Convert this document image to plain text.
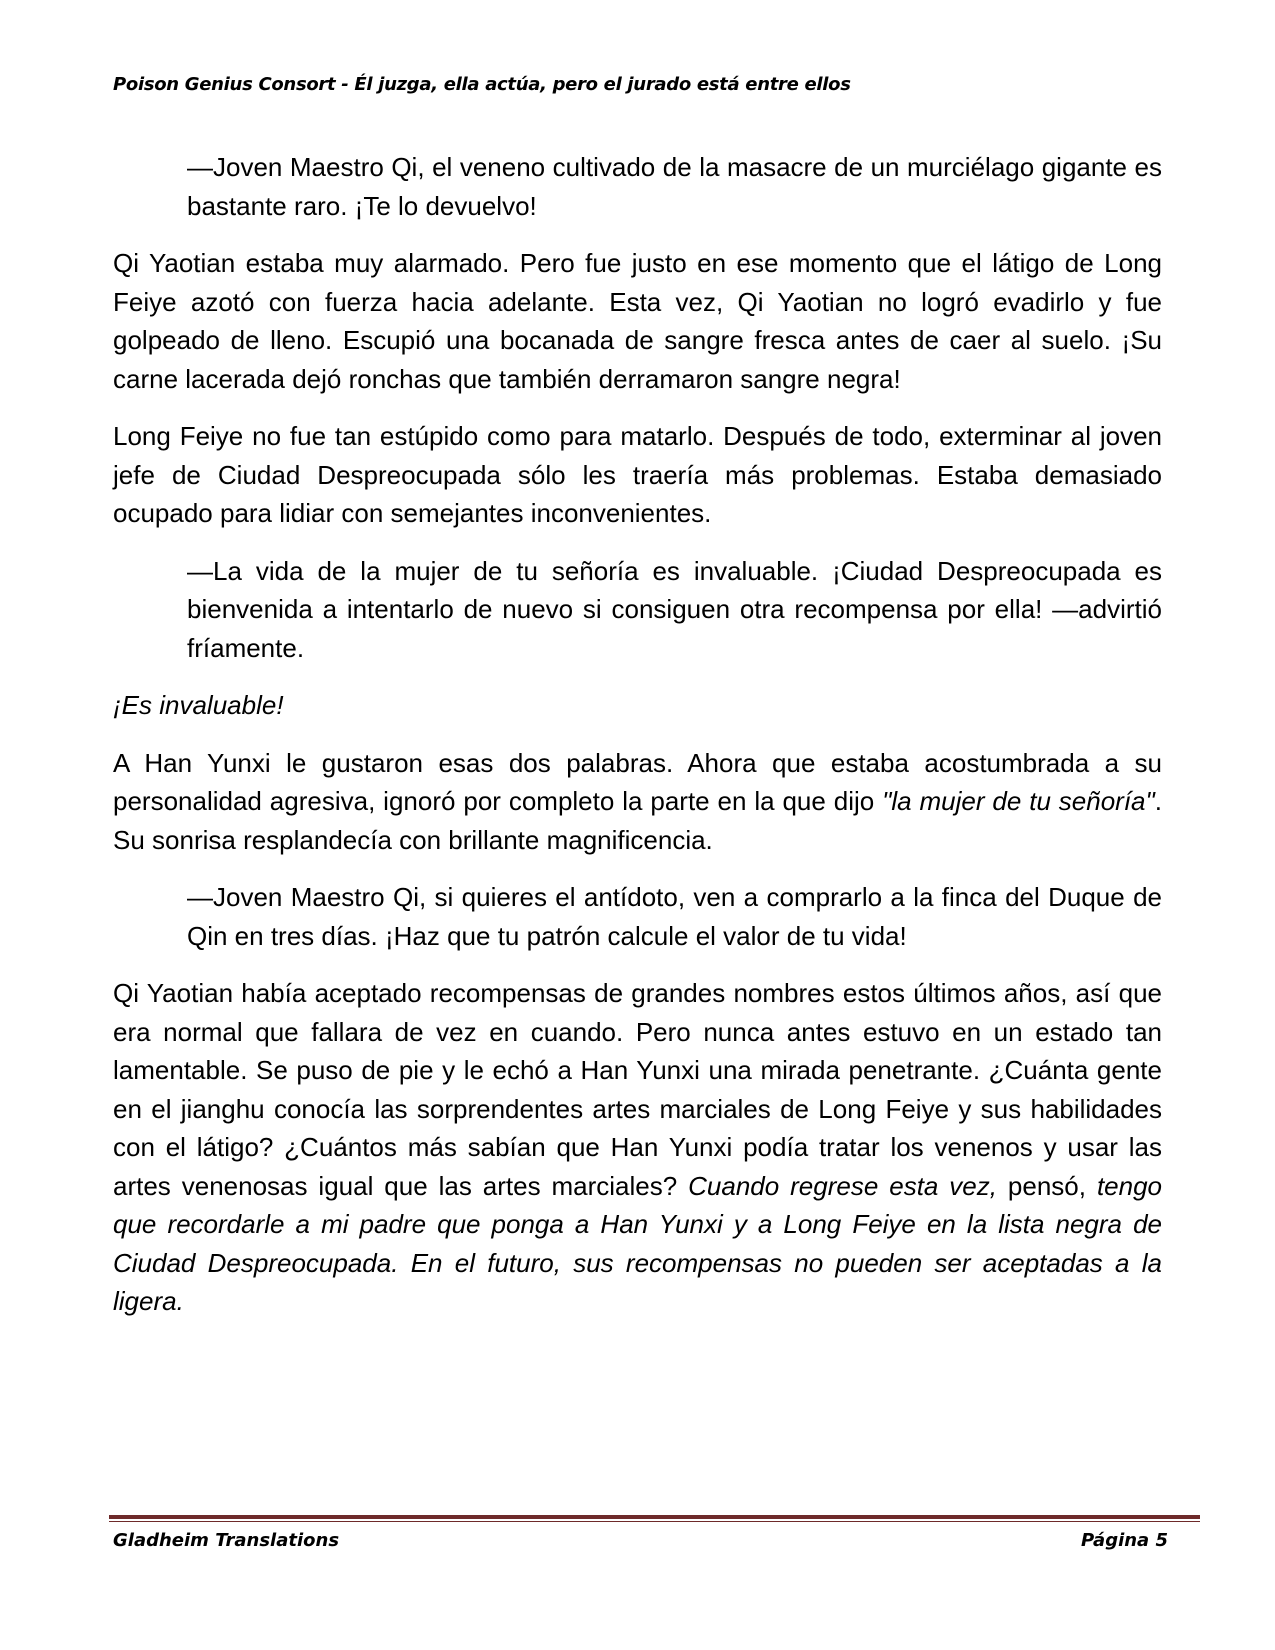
Poison Genius Consort - Él juzga, ella actúa, pero el jurado está entre ellos

—Joven Maestro Qi, el veneno cultivado de la masacre de un murciélago gigante es bastante raro. ¡Te lo devuelvo!

Qi Yaotian estaba muy alarmado. Pero fue justo en ese momento que el látigo de Long Feiye azotó con fuerza hacia adelante. Esta vez, Qi Yaotian no logró evadirlo y fue golpeado de lleno. Escupió una bocanada de sangre fresca antes de caer al suelo. ¡Su carne lacerada dejó ronchas que también derramaron sangre negra!

Long Feiye no fue tan estúpido como para matarlo. Después de todo, exterminar al joven jefe de Ciudad Despreocupada sólo les traería más problemas. Estaba demasiado ocupado para lidiar con semejantes inconvenientes.

—La vida de la mujer de tu señoría es invaluable. ¡Ciudad Despreocupada es bienvenida a intentarlo de nuevo si consiguen otra recompensa por ella! —advirtió fríamente.

¡Es invaluable!

A Han Yunxi le gustaron esas dos palabras. Ahora que estaba acostumbrada a su personalidad agresiva, ignoró por completo la parte en la que dijo "la mujer de tu señoría". Su sonrisa resplandecía con brillante magnificencia.

—Joven Maestro Qi, si quieres el antídoto, ven a comprarlo a la finca del Duque de Qin en tres días. ¡Haz que tu patrón calcule el valor de tu vida!

Qi Yaotian había aceptado recompensas de grandes nombres estos últimos años, así que era normal que fallara de vez en cuando. Pero nunca antes estuvo en un estado tan lamentable. Se puso de pie y le echó a Han Yunxi una mirada penetrante. ¿Cuánta gente en el jianghu conocía las sorprendentes artes marciales de Long Feiye y sus habilidades con el látigo? ¿Cuántos más sabían que Han Yunxi podía tratar los venenos y usar las artes venenosas igual que las artes marciales? Cuando regrese esta vez, pensó, tengo que recordarle a mi padre que ponga a Han Yunxi y a Long Feiye en la lista negra de Ciudad Despreocupada. En el futuro, sus recompensas no pueden ser aceptadas a la ligera.

Gladheim Translations	Página 5
